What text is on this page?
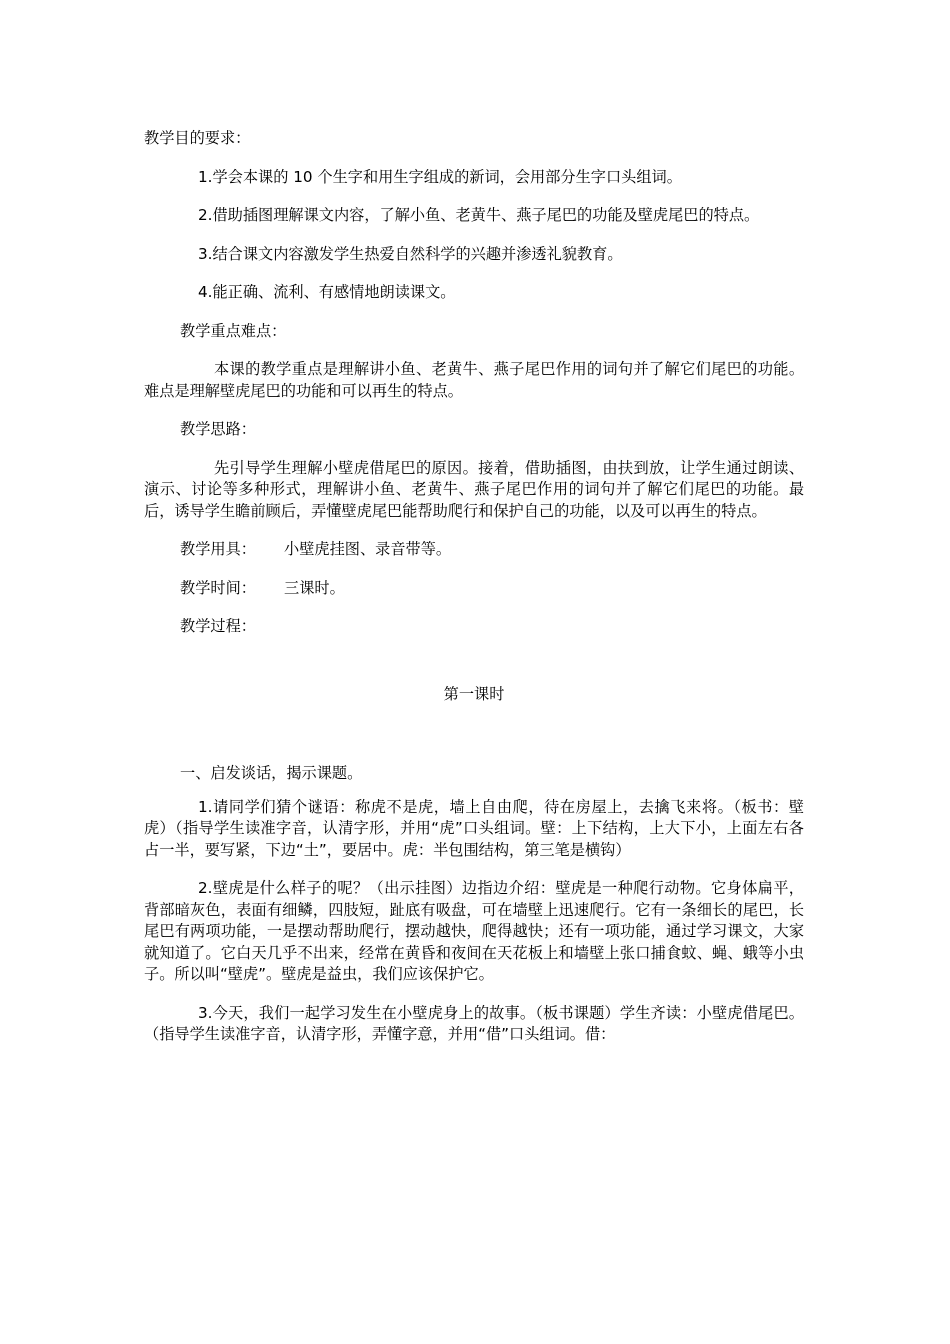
教学目的要求：

1.学会本课的 10 个生字和用生字组成的新词，会用部分生字口头组词。

2.借助插图理解课文内容，了解小鱼、老黄牛、燕子尾巴的功能及壁虎尾巴的特点。

3.结合课文内容激发学生热爱自然科学的兴趣并渗透礼貌教育。

4.能正确、流利、有感情地朗读课文。

教学重点难点：

本课的教学重点是理解讲小鱼、老黄牛、燕子尾巴作用的词句并了解它们尾巴的功能。难点是理解壁虎尾巴的功能和可以再生的特点。

教学思路：

先引导学生理解小壁虎借尾巴的原因。接着，借助插图，由扶到放，让学生通过朗读、演示、讨论等多种形式，理解讲小鱼、老黄牛、燕子尾巴作用的词句并了解它们尾巴的功能。最后，诱导学生瞻前顾后，弄懂壁虎尾巴能帮助爬行和保护自己的功能，以及可以再生的特点。

教学用具：	小壁虎挂图、录音带等。
教学时间：	三课时。

教学过程：

第一课时

一、启发谈话，揭示课题。

1.请同学们猜个谜语：称虎不是虎，墙上自由爬，待在房屋上，去擒飞来将。（板书：壁虎）（指导学生读准字音，认清字形，并用“虎”口头组词。壁：上下结构，上大下小，上面左右各占一半，要写紧，下边“土”，要居中。虎：半包围结构，第三笔是横钩）

2.壁虎是什么样子的呢？（出示挂图）边指边介绍：壁虎是一种爬行动物。它身体扁平，背部暗灰色，表面有细鳞，四肢短，趾底有吸盘，可在墙壁上迅速爬行。它有一条细长的尾巴，长尾巴有两项功能，一是摆动帮助爬行，摆动越快，爬得越快；还有一项功能，通过学习课文，大家就知道了。它白天几乎不出来，经常在黄昏和夜间在天花板上和墙壁上张口捕食蚊、蝇、蛾等小虫子。所以叫“壁虎”。壁虎是益虫，我们应该保护它。

3.今天，我们一起学习发生在小壁虎身上的故事。（板书课题）学生齐读：小壁虎借尾巴。（指导学生读准字音，认清字形，弄懂字意，并用“借”口头组词。借：
